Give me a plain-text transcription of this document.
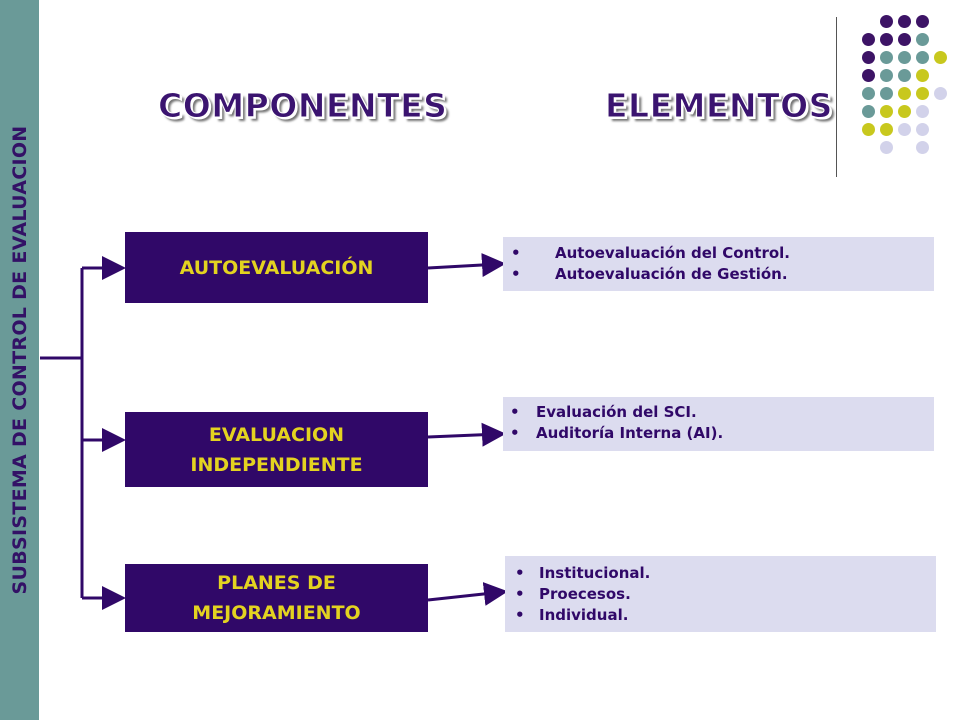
SUBSISTEMA DE CONTROL DE EVALUACION
COMPONENTES	ELEMENTOS
AUTOEVALUACIÓN
EVALUACION
INDEPENDIENTE
PLANES DE
MEJORAMIENTO
• Autoevaluación del Control.
• Autoevaluación de Gestión.
• Evaluación del SCI.
• Auditoría Interna (AI).
• Institucional.
• Proecesos.
• Individual.
